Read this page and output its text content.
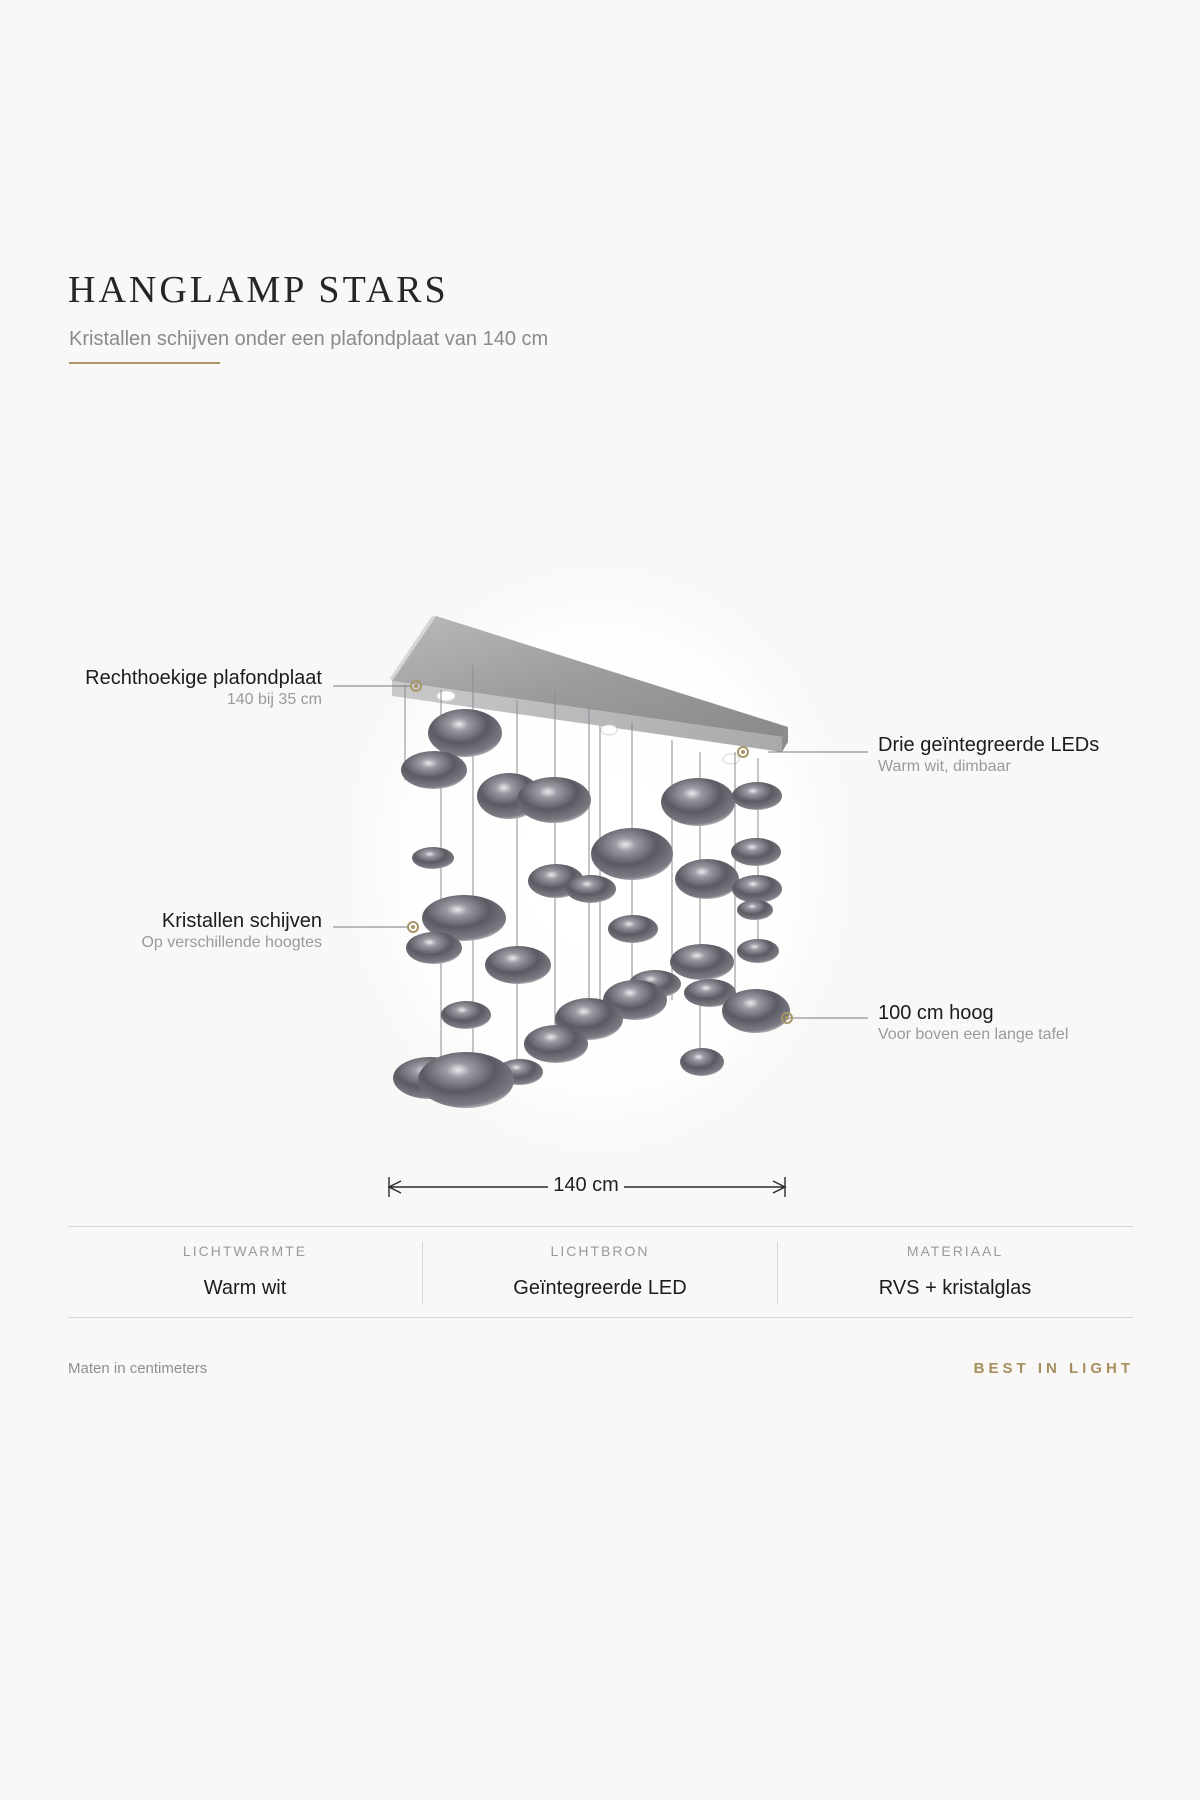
HANGLAMP STARS
Kristallen schijven onder een plafondplaat van 140 cm
Rechthoekige plafondplaat
140 bij 35 cm
Drie geïntegreerde LEDs
Warm wit, dimbaar
Kristallen schijven
Op verschillende hoogtes
100 cm hoog
Voor boven een lange tafel
140 cm
LICHTWARMTE
Warm wit
LICHTBRON
Geïntegreerde LED
MATERIAAL
RVS + kristalglas
Maten in centimeters	BEST IN LIGHT
